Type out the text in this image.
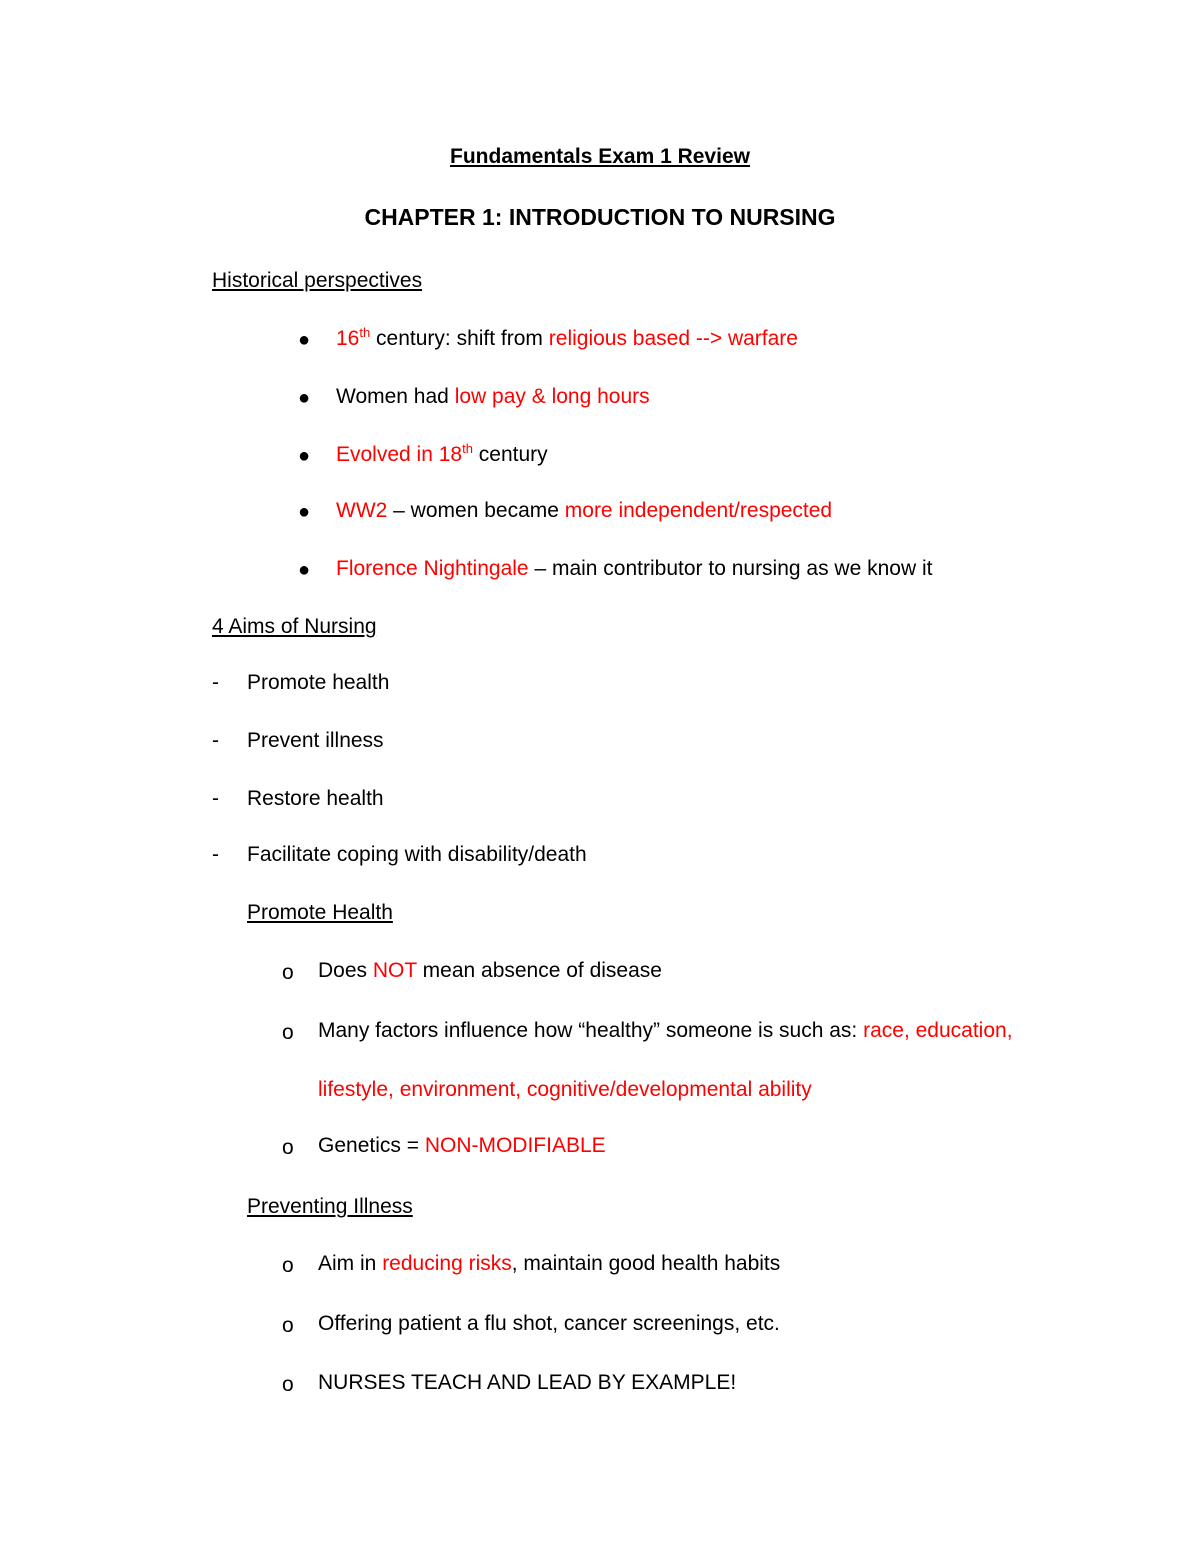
Fundamentals Exam 1 Review
CHAPTER 1: INTRODUCTION TO NURSING
Historical perspectives
● 16th century: shift from religious based --> warfare
● Women had low pay & long hours
● Evolved in 18th century
● WW2 – women became more independent/respected
● Florence Nightingale – main contributor to nursing as we know it
4 Aims of Nursing
- Promote health
- Prevent illness
- Restore health
- Facilitate coping with disability/death
Promote Health
o Does NOT mean absence of disease
o Many factors influence how “healthy” someone is such as: race, education,
lifestyle, environment, cognitive/developmental ability
o Genetics = NON-MODIFIABLE
Preventing Illness
o Aim in reducing risks, maintain good health habits
o Offering patient a flu shot, cancer screenings, etc.
o NURSES TEACH AND LEAD BY EXAMPLE!
